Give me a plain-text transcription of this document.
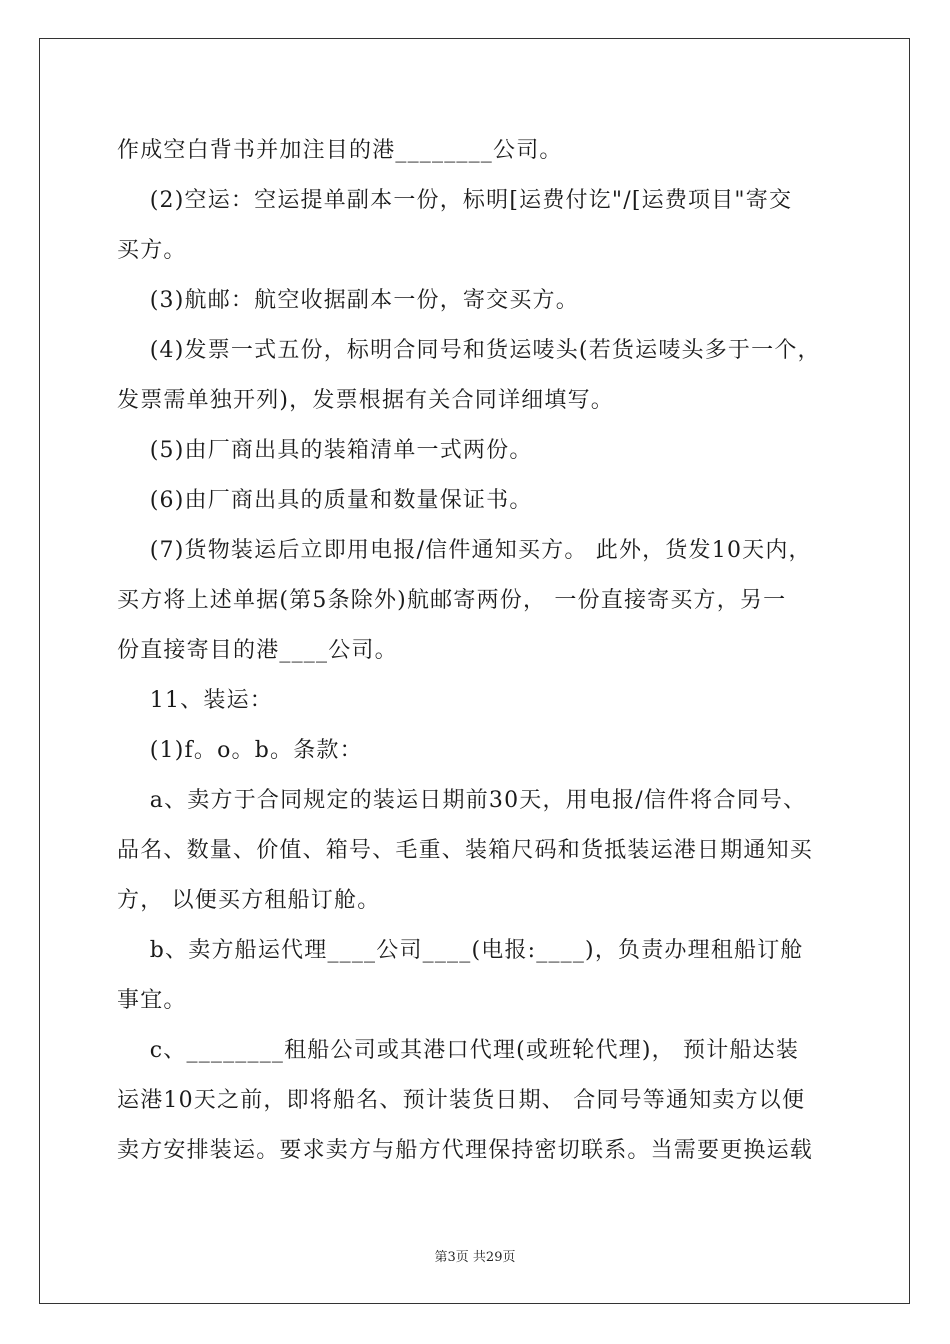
作成空白背书并加注目的港________公司。
(2)空运：空运提单副本一份，标明[运费付讫"/[运费项目"寄交
买方。
(3)航邮：航空收据副本一份，寄交买方。
(4)发票一式五份，标明合同号和货运唛头(若货运唛头多于一个，
发票需单独开列)，发票根据有关合同详细填写。
(5)由厂商出具的装箱清单一式两份。
(6)由厂商出具的质量和数量保证书。
(7)货物装运后立即用电报/信件通知买方。 此外，货发10天内，
买方将上述单据(第5条除外)航邮寄两份， 一份直接寄买方，另一
份直接寄目的港____公司。
11、装运：
(1)f。o。b。条款：
a、卖方于合同规定的装运日期前30天，用电报/信件将合同号、
品名、数量、价值、箱号、毛重、装箱尺码和货抵装运港日期通知买
方， 以便买方租船订舱。
b、卖方船运代理____公司____(电报:____)，负责办理租船订舱
事宜。
c、________租船公司或其港口代理(或班轮代理)， 预计船达装
运港10天之前，即将船名、预计装货日期、 合同号等通知卖方以便
卖方安排装运。要求卖方与船方代理保持密切联系。当需要更换运载
第3页 共29页
